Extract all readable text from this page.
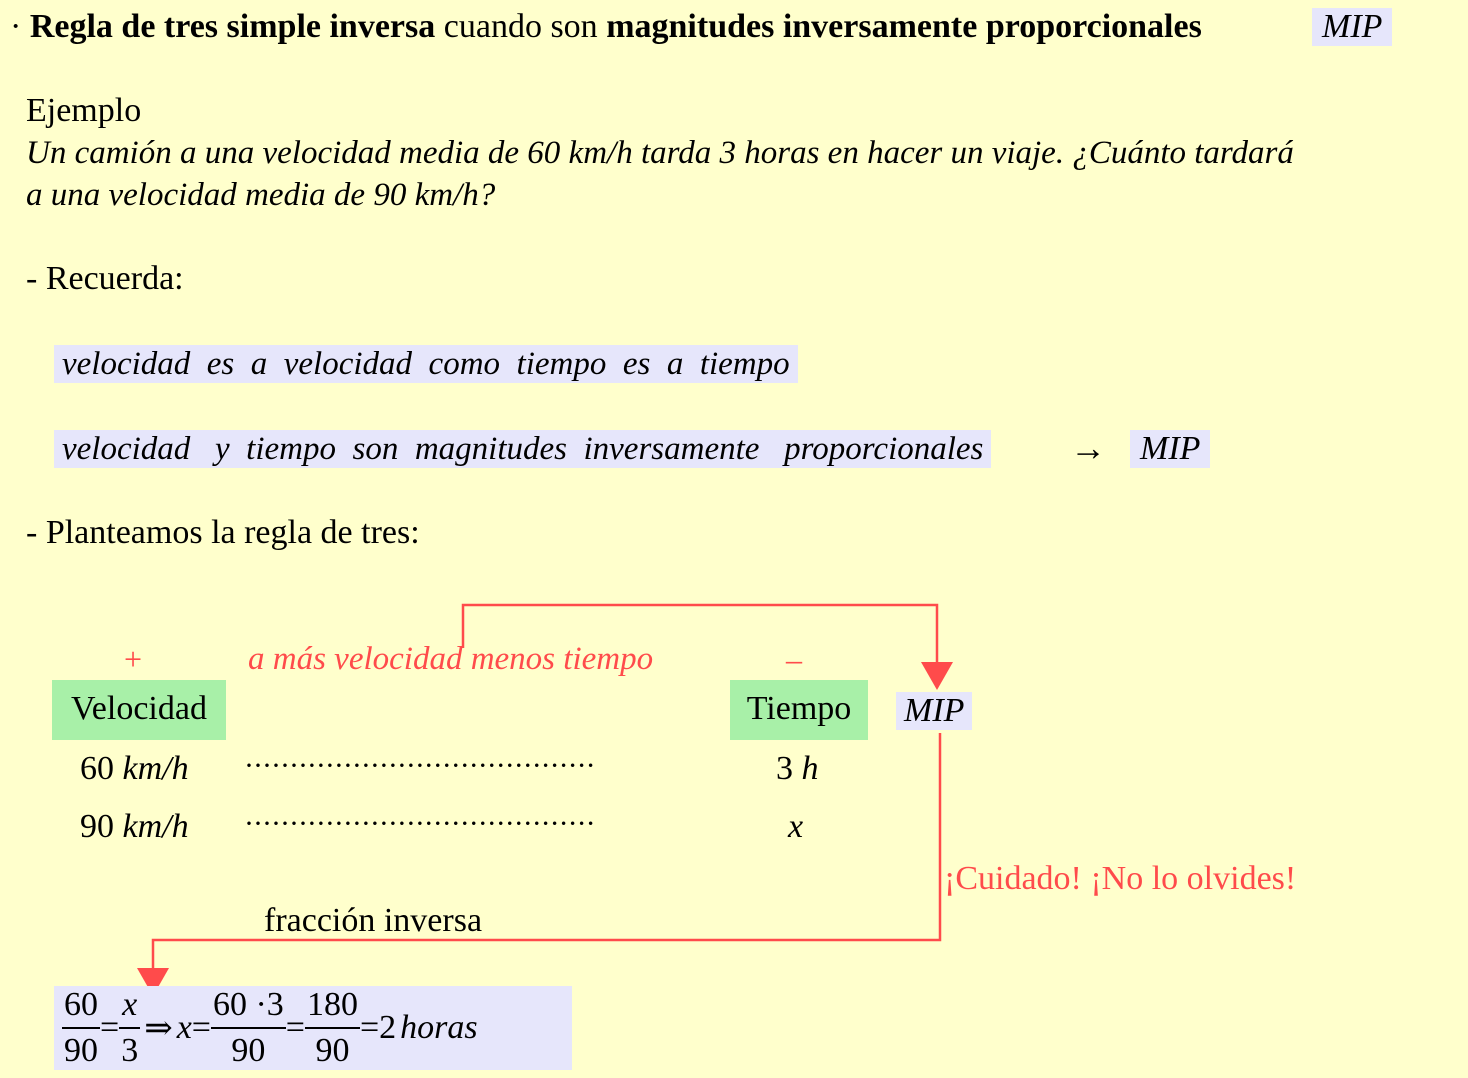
· Regla de tres simple inversa cuando son magnitudes inversamente proporcionales	MIP
Ejemplo
Un camión a una velocidad media de 60 km/h tarda 3 horas en hacer un viaje. ¿Cuánto tardará
a una velocidad media de 90 km/h?
- Recuerda:
velocidad  es  a  velocidad  como  tiempo  es  a  tiempo
velocidad   y  tiempo  son  magnitudes  inversamente   proporcionales → MIP
- Planteamos la regla de tres:
+	a más velocidad menos tiempo	–
Velocidad	Tiempo	MIP
60 km/h ·······································	3 h
90 km/h ·······································	x
¡Cuidado! ¡No lo olvides!
fracción inversa
$\frac{60}{90} = \frac{x}{3}$ ⇒ $x = \frac{60 \cdot 3}{90} = \frac{180}{90} = 2$ horas
